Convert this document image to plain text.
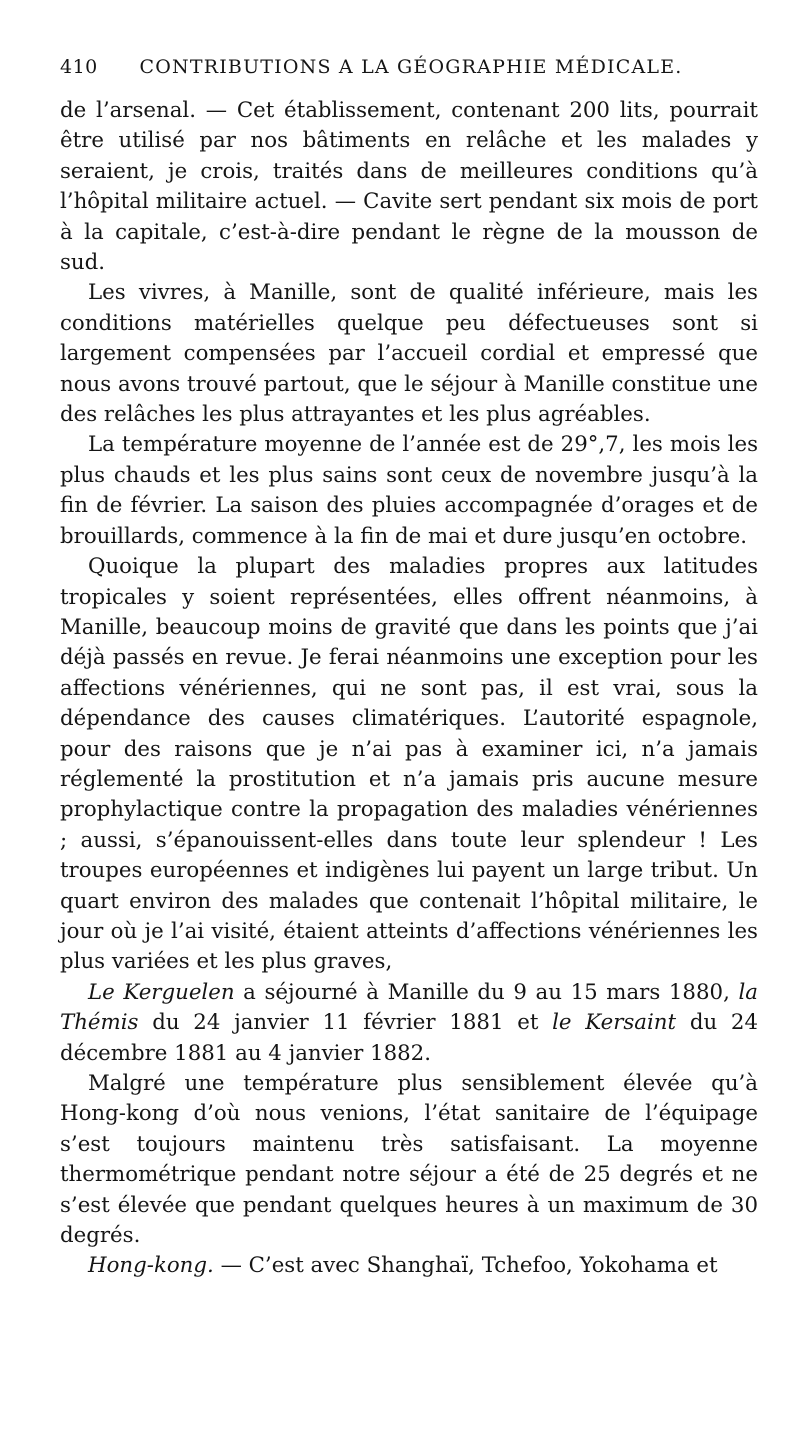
410	CONTRIBUTIONS A LA GÉOGRAPHIE MÉDICALE.

de l’arsenal. — Cet établissement, contenant 200 lits, pourrait être utilisé par nos bâtiments en relâche et les malades y seraient, je crois, traités dans de meilleures conditions qu’à l’hôpital militaire actuel. — Cavite sert pendant six mois de port à la capitale, c’est-à-dire pendant le règne de la mousson de sud.

Les vivres, à Manille, sont de qualité inférieure, mais les conditions matérielles quelque peu défectueuses sont si largement compensées par l’accueil cordial et empressé que nous avons trouvé partout, que le séjour à Manille constitue une des relâches les plus attrayantes et les plus agréables.

La température moyenne de l’année est de 29°,7, les mois les plus chauds et les plus sains sont ceux de novembre jusqu’à la fin de février. La saison des pluies accompagnée d’orages et de brouillards, commence à la fin de mai et dure jusqu’en octobre.

Quoique la plupart des maladies propres aux latitudes tropicales y soient représentées, elles offrent néanmoins, à Manille, beaucoup moins de gravité que dans les points que j’ai déjà passés en revue. Je ferai néanmoins une exception pour les affections vénériennes, qui ne sont pas, il est vrai, sous la dépendance des causes climatériques. L’autorité espagnole, pour des raisons que je n’ai pas à examiner ici, n’a jamais réglementé la prostitution et n’a jamais pris aucune mesure prophylactique contre la propagation des maladies vénériennes ; aussi, s’épanouissent-elles dans toute leur splendeur ! Les troupes européennes et indigènes lui payent un large tribut. Un quart environ des malades que contenait l’hôpital militaire, le jour où je l’ai visité, étaient atteints d’affections vénériennes les plus variées et les plus graves,

Le Kerguelen a séjourné à Manille du 9 au 15 mars 1880, la Thémis du 24 janvier 11 février 1881 et le Kersaint du 24 décembre 1881 au 4 janvier 1882.

Malgré une température plus sensiblement élevée qu’à Hong-kong d’où nous venions, l’état sanitaire de l’équipage s’est toujours maintenu très satisfaisant. La moyenne thermométrique pendant notre séjour a été de 25 degrés et ne s’est élevée que pendant quelques heures à un maximum de 30 degrés.

Hong-kong. — C’est avec Shanghaï, Tchefoo, Yokohama et
